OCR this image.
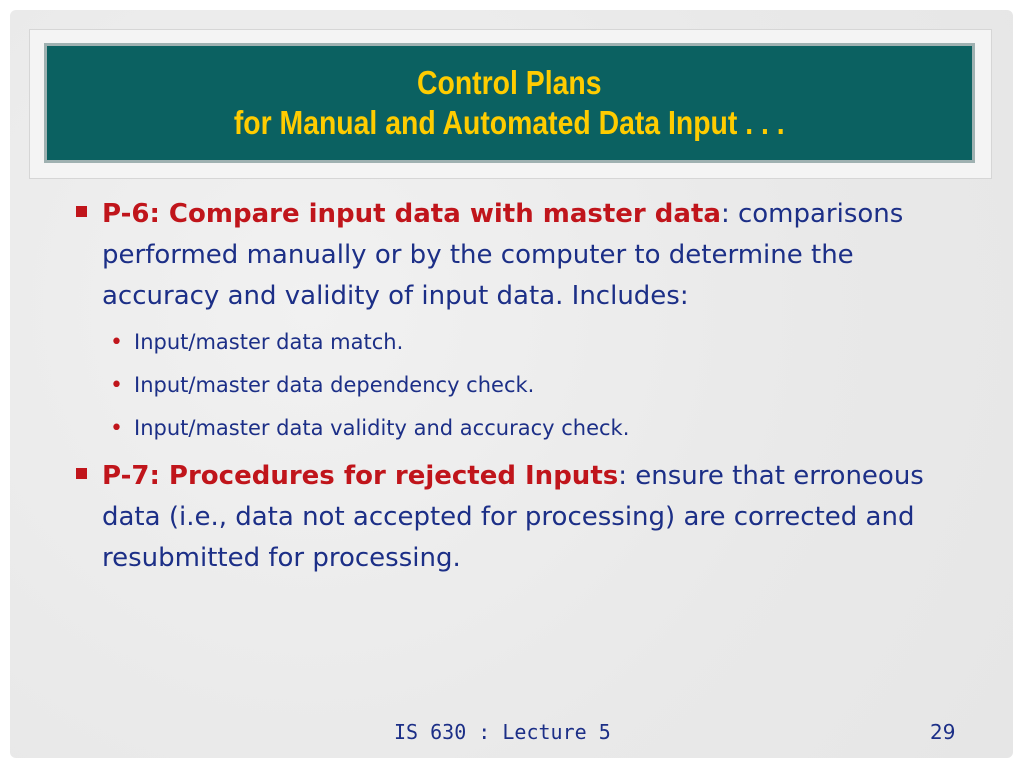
Control Plans
for Manual and Automated Data Input . . .
P-6: Compare input data with master data: comparisons performed manually or by the computer to determine the accuracy and validity of input data. Includes:
• Input/master data match.
• Input/master data dependency check.
• Input/master data validity and accuracy check.
P-7: Procedures for rejected Inputs: ensure that erroneous data (i.e., data not accepted for processing) are corrected and resubmitted for processing.
IS 630 : Lecture 5	29
